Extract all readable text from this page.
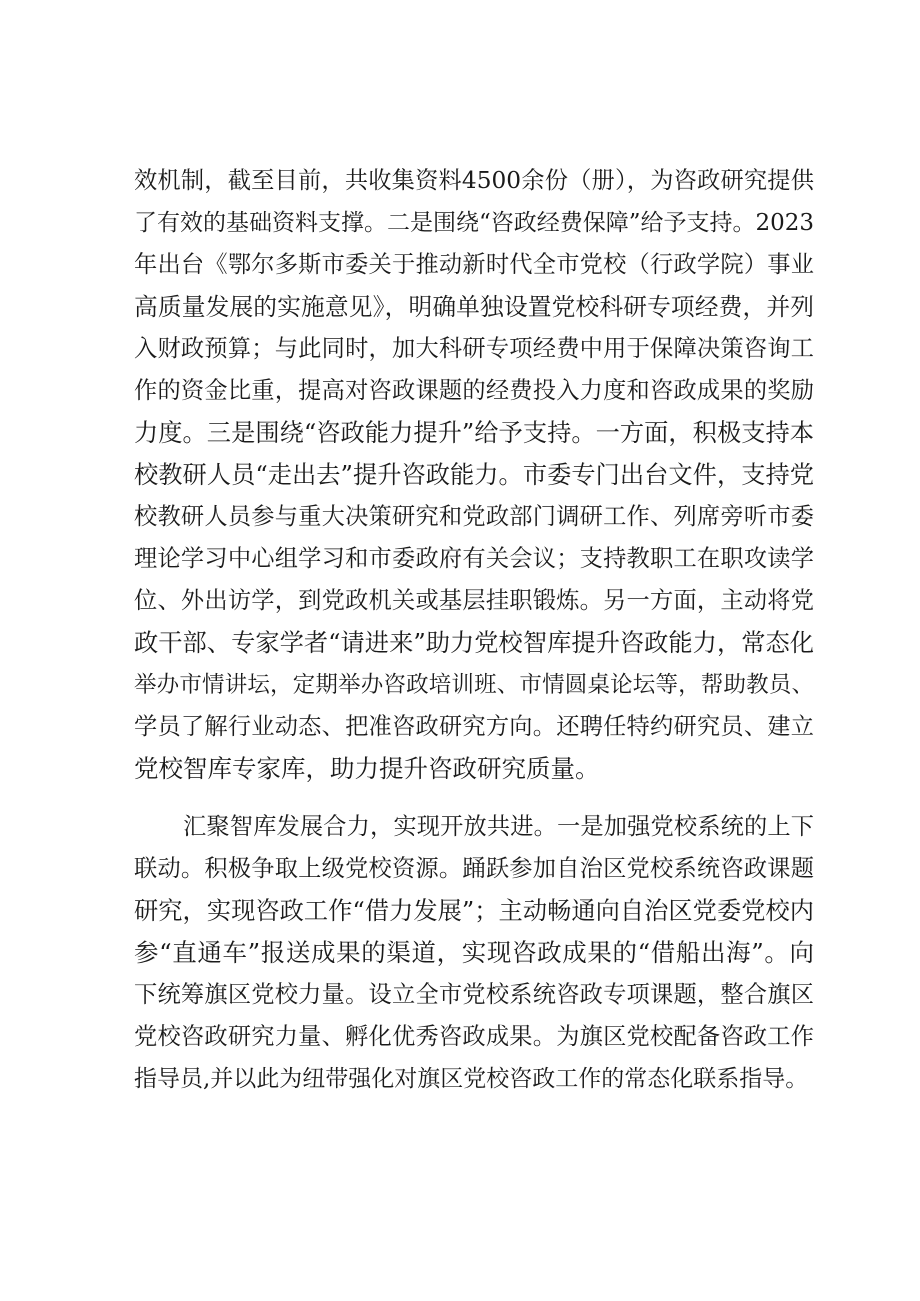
效机制，截至目前，共收集资料4500余份（册），为咨政研究提供
了有效的基础资料支撑。二是围绕“咨政经费保障”给予支持。2023
年出台《鄂尔多斯市委关于推动新时代全市党校（行政学院）事业
高质量发展的实施意见》，明确单独设置党校科研专项经费，并列
入财政预算；与此同时，加大科研专项经费中用于保障决策咨询工
作的资金比重，提高对咨政课题的经费投入力度和咨政成果的奖励
力度。三是围绕“咨政能力提升”给予支持。一方面，积极支持本
校教研人员“走出去”提升咨政能力。市委专门出台文件，支持党
校教研人员参与重大决策研究和党政部门调研工作、列席旁听市委
理论学习中心组学习和市委政府有关会议；支持教职工在职攻读学
位、外出访学，到党政机关或基层挂职锻炼。另一方面，主动将党
政干部、专家学者“请进来”助力党校智库提升咨政能力，常态化
举办市情讲坛，定期举办咨政培训班、市情圆桌论坛等，帮助教员、
学员了解行业动态、把准咨政研究方向。还聘任特约研究员、建立
党校智库专家库，助力提升咨政研究质量。
汇聚智库发展合力，实现开放共进。一是加强党校系统的上下
联动。积极争取上级党校资源。踊跃参加自治区党校系统咨政课题
研究，实现咨政工作“借力发展”；主动畅通向自治区党委党校内
参“直通车”报送成果的渠道，实现咨政成果的“借船出海”。向
下统筹旗区党校力量。设立全市党校系统咨政专项课题，整合旗区
党校咨政研究力量、孵化优秀咨政成果。为旗区党校配备咨政工作
指导员,并以此为纽带强化对旗区党校咨政工作的常态化联系指导。
